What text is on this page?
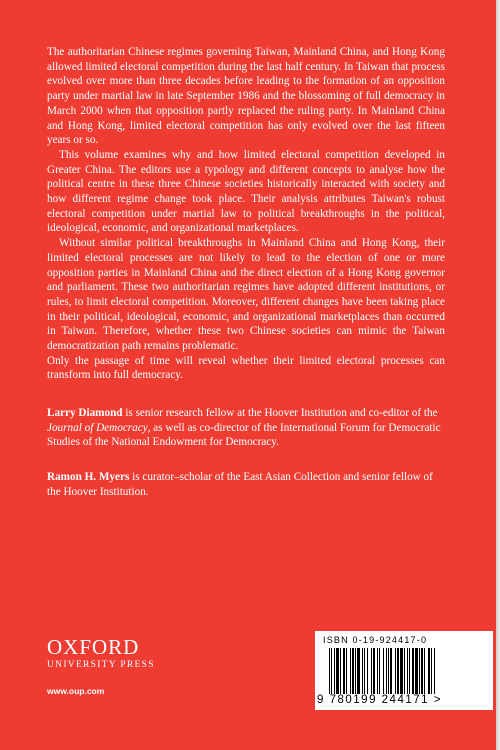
The authoritarian Chinese regimes governing Taiwan, Mainland China, and Hong Kong allowed limited electoral competition during the last half century. In Taiwan that process evolved over more than three decades before leading to the formation of an opposition party under martial law in late September 1986 and the blossoming of full democracy in March 2000 when that opposition partly replaced the ruling party. In Mainland China and Hong Kong, limited electoral competition has only evolved over the last fifteen years or so.

This volume examines why and how limited electoral competition developed in Greater China. The editors use a typology and different concepts to analyse how the political centre in these three Chinese societies historically interacted with society and how different regime change took place. Their analysis attributes Taiwan's robust electoral competition under martial law to political breakthroughs in the political, ideological, economic, and organizational marketplaces.

Without similar political breakthroughs in Mainland China and Hong Kong, their limited electoral processes are not likely to lead to the election of one or more opposition parties in Mainland China and the direct election of a Hong Kong governor and parliament. These two authoritarian regimes have adopted different institutions, or rules, to limit electoral competition. Moreover, different changes have been taking place in their political, ideological, economic, and organizational marketplaces than occurred in Taiwan. Therefore, whether these two Chinese societies can mimic the Taiwan democratization path remains problematic.

Only the passage of time will reveal whether their limited electoral processes can transform into full democracy.

Larry Diamond is senior research fellow at the Hoover Institution and co-editor of the Journal of Democracy, as well as co-director of the International Forum for Democratic Studies of the National Endowment for Democracy.

Ramon H. Myers is curator–scholar of the East Asian Collection and senior fellow of the Hoover Institution.

OXFORD
UNIVERSITY PRESS
www.oup.com
ISBN 0-19-924417-0
9 780199 244171 >
